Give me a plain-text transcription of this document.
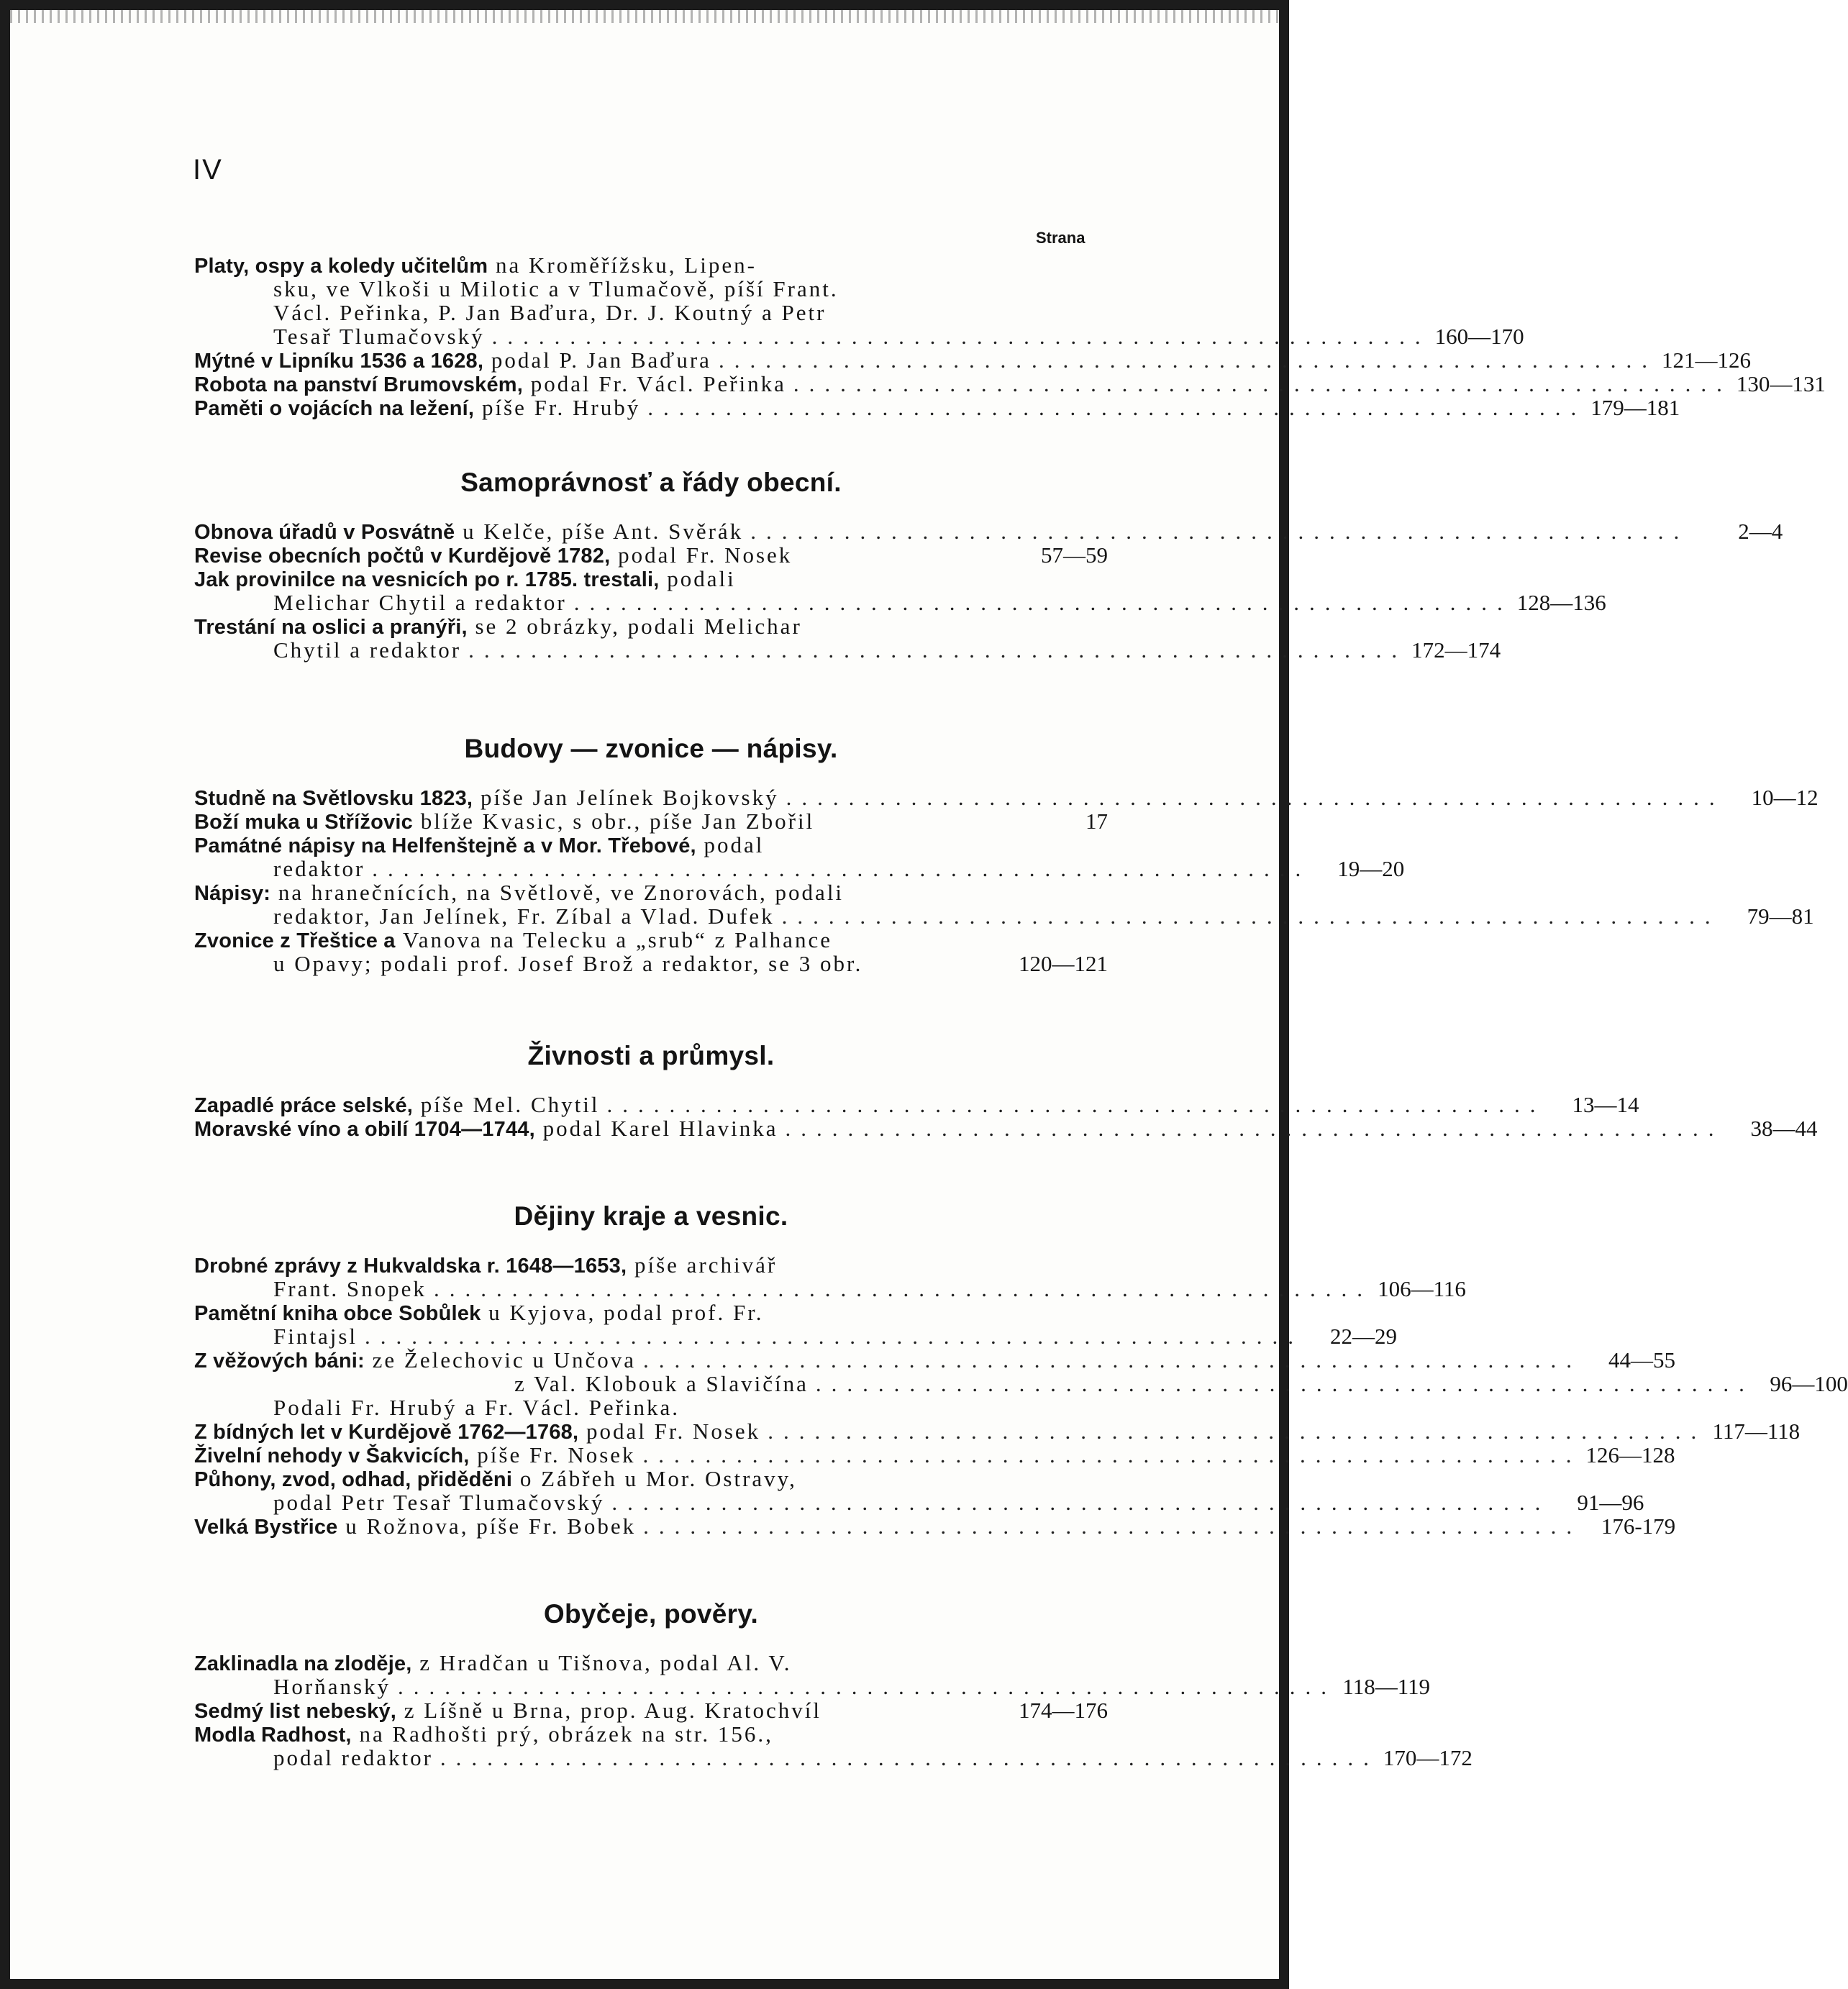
IV
Strana
Platy, ospy a koledy učitelům na Kroměřížsku, Lipen-
sku, ve Vlkoši u Milotic a v Tlumačově, píší Frant.
Václ. Peřinka, P. Jan Baďura, Dr. J. Koutný a Petr
Tesař Tlumačovský ............................................................ 160—170
Mýtné v Lipníku 1536 a 1628, podal P. Jan Baďura ............................................................ 121—126
Robota na panství Brumovském, podal Fr. Václ. Peřinka ............................................................ 130—131
Paměti o vojácích na ležení, píše Fr. Hrubý ............................................................ 179—181
Samoprávnosť a řády obecní.
Obnova úřadů v Posvátně u Kelče, píše Ant. Svěrák ............................................................	2—4
Revise obecních počtů v Kurdějově 1782, podal Fr. Nosek	57—59
Jak provinilce na vesnicích po r. 1785. trestali, podali
Melichar Chytil a redaktor ............................................................ 128—136
Trestání na oslici a pranýři, se 2 obrázky, podali Melichar
Chytil a redaktor ............................................................ 172—174
Budovy — zvonice — nápisy.
Studně na Světlovsku 1823, píše Jan Jelínek Bojkovský ............................................................	10—12
Boží muka u Střížovic blíže Kvasic, s obr., píše Jan Zbořil	17
Památné nápisy na Helfenštejně a v Mor. Třebové, podal
redaktor ............................................................	19—20
Nápisy: na hranečnících, na Světlově, ve Znorovách, podali
redaktor, Jan Jelínek, Fr. Zíbal a Vlad. Dufek ............................................................	79—81
Zvonice z Třeštice a Vanova na Telecku a „srub“ z Palhance
u Opavy; podali prof. Josef Brož a redaktor, se 3 obr.	120—121
Živnosti a průmysl.
Zapadlé práce selské, píše Mel. Chytil ............................................................	13—14
Moravské víno a obilí 1704—1744, podal Karel Hlavinka ............................................................	38—44
Dějiny kraje a vesnic.
Drobné zprávy z Hukvaldska r. 1648—1653, píše archivář
Frant. Snopek ............................................................ 106—116
Pamětní kniha obce Sobůlek u Kyjova, podal prof. Fr.
Fintajsl ............................................................	22—29
Z věžových báni: ze Želechovic u Unčova ............................................................	44—55
z Val. Klobouk a Slavičína ............................................................ 96—100
Podali Fr. Hrubý a Fr. Václ. Peřinka.
Z bídných let v Kurdějově 1762—1768, podal Fr. Nosek ............................................................ 117—118
Živelní nehody v Šakvicích, píše Fr. Nosek ............................................................ 126—128
Půhony, zvod, odhad, přiděděni o Zábřeh u Mor. Ostravy,
podal Petr Tesař Tlumačovský ............................................................	91—96
Velká Bystřice u Rožnova, píše Fr. Bobek ............................................................ 176-179
Obyčeje, pověry.
Zaklinadla na zloděje, z Hradčan u Tišnova, podal Al. V.
Horňanský ............................................................ 118—119
Sedmý list nebeský, z Líšně u Brna, prop. Aug. Kratochvíl	174—176
Modla Radhost, na Radhošti prý, obrázek na str. 156.,
podal redaktor ............................................................ 170—172
